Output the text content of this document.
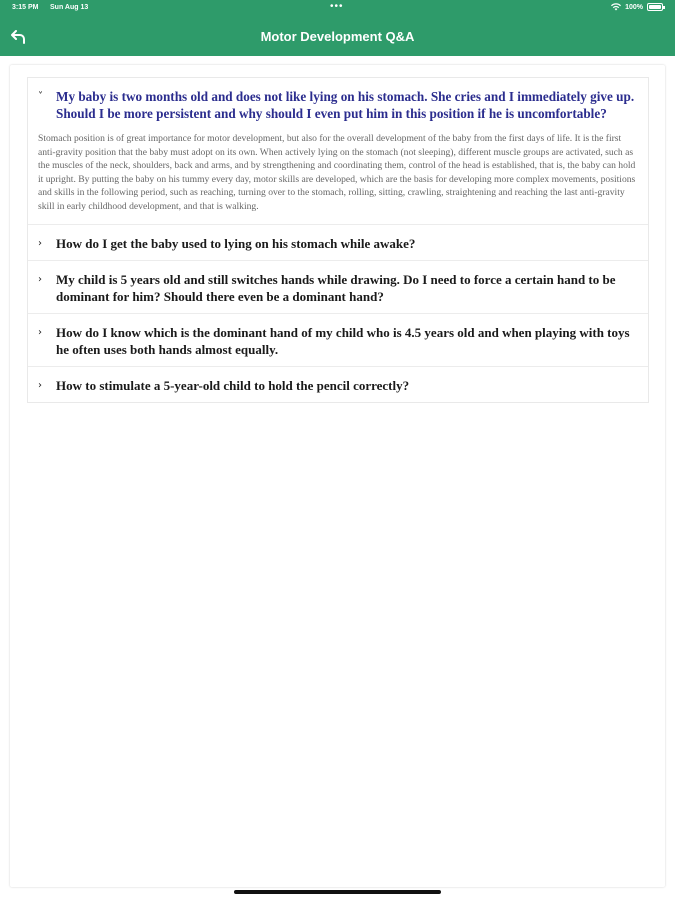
3:15 PM Sun Aug 13	•••	100%
Motor Development Q&A
˅ My baby is two months old and does not like lying on his stomach. She cries and I immediately give up. Should I be more persistent and why should I even put him in this position if he is uncomfortable?
Stomach position is of great importance for motor development, but also for the overall development of the baby from the first days of life. It is the first anti-gravity position that the baby must adopt on its own. When actively lying on the stomach (not sleeping), different muscle groups are activated, such as the muscles of the neck, shoulders, back and arms, and by strengthening and coordinating them, control of the head is established, that is, the baby can hold it upright. By putting the baby on his tummy every day, motor skills are developed, which are the basis for developing more complex movements, positions and skills in the following period, such as reaching, turning over to the stomach, rolling, sitting, crawling, straightening and reaching the last anti-gravity skill in early childhood development, and that is walking.
›	How do I get the baby used to lying on his stomach while awake?
›	My child is 5 years old and still switches hands while drawing. Do I need to force a certain hand to be dominant for him? Should there even be a dominant hand?
›	How do I know which is the dominant hand of my child who is 4.5 years old and when playing with toys he often uses both hands almost equally.
›	How to stimulate a 5-year-old child to hold the pencil correctly?
